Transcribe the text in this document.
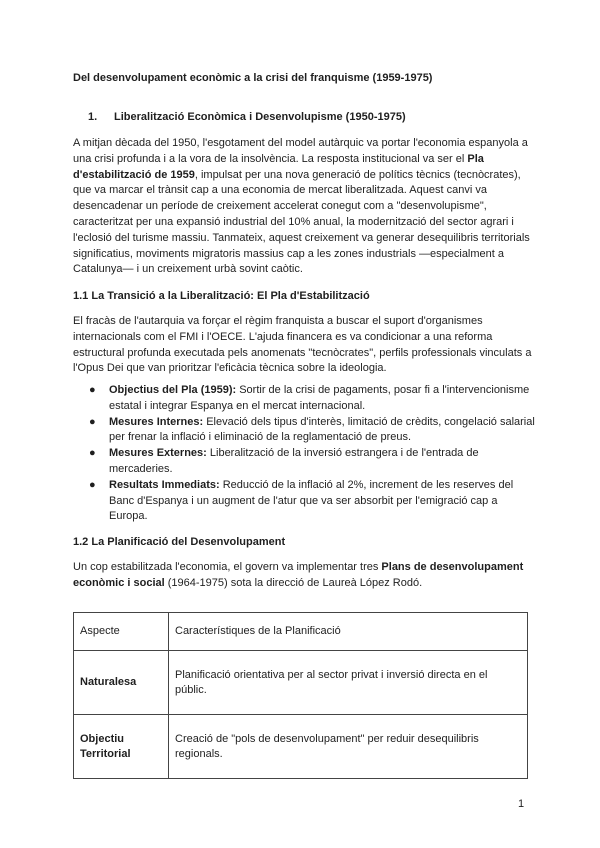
Del desenvolupament econòmic a la crisi del franquisme (1959-1975)
1. Liberalització Econòmica i Desenvolupisme (1950-1975)
A mitjan dècada del 1950, l'esgotament del model autàrquic va portar l'economia espanyola a una crisi profunda i a la vora de la insolvència. La resposta institucional va ser el Pla d'estabilització de 1959, impulsat per una nova generació de polítics tècnics (tecnòcrates), que va marcar el trànsit cap a una economia de mercat liberalitzada. Aquest canvi va desencadenar un període de creixement accelerat conegut com a "desenvolupisme", caracteritzat per una expansió industrial del 10% anual, la modernització del sector agrari i l'eclosió del turisme massiu. Tanmateix, aquest creixement va generar desequilibris territorials significatius, moviments migratoris massius cap a les zones industrials —especialment a Catalunya— i un creixement urbà sovint caòtic.
1.1 La Transició a la Liberalització: El Pla d'Estabilització
El fracàs de l'autarquia va forçar el règim franquista a buscar el suport d'organismes internacionals com el FMI i l'OECE. L'ajuda financera es va condicionar a una reforma estructural profunda executada pels anomenats "tecnòcrates", perfils professionals vinculats a l'Opus Dei que van prioritzar l'eficàcia tècnica sobre la ideologia.
● Objectius del Pla (1959): Sortir de la crisi de pagaments, posar fi a l'intervencionisme estatal i integrar Espanya en el mercat internacional.
● Mesures Internes: Elevació dels tipus d'interès, limitació de crèdits, congelació salarial per frenar la inflació i eliminació de la reglamentació de preus.
● Mesures Externes: Liberalització de la inversió estrangera i de l'entrada de mercaderies.
● Resultats Immediats: Reducció de la inflació al 2%, increment de les reserves del Banc d'Espanya i un augment de l'atur que va ser absorbit per l'emigració cap a Europa.
1.2 La Planificació del Desenvolupament
Un cop estabilitzada l'economia, el govern va implementar tres Plans de desenvolupament econòmic i social (1964-1975) sota la direcció de Laureà López Rodó.
Aspecte	Característiques de la Planificació
Naturalesa	Planificació orientativa per al sector privat i inversió directa en el públic.
Objectiu Territorial	Creació de "pols de desenvolupament" per reduir desequilibris regionals.
1
